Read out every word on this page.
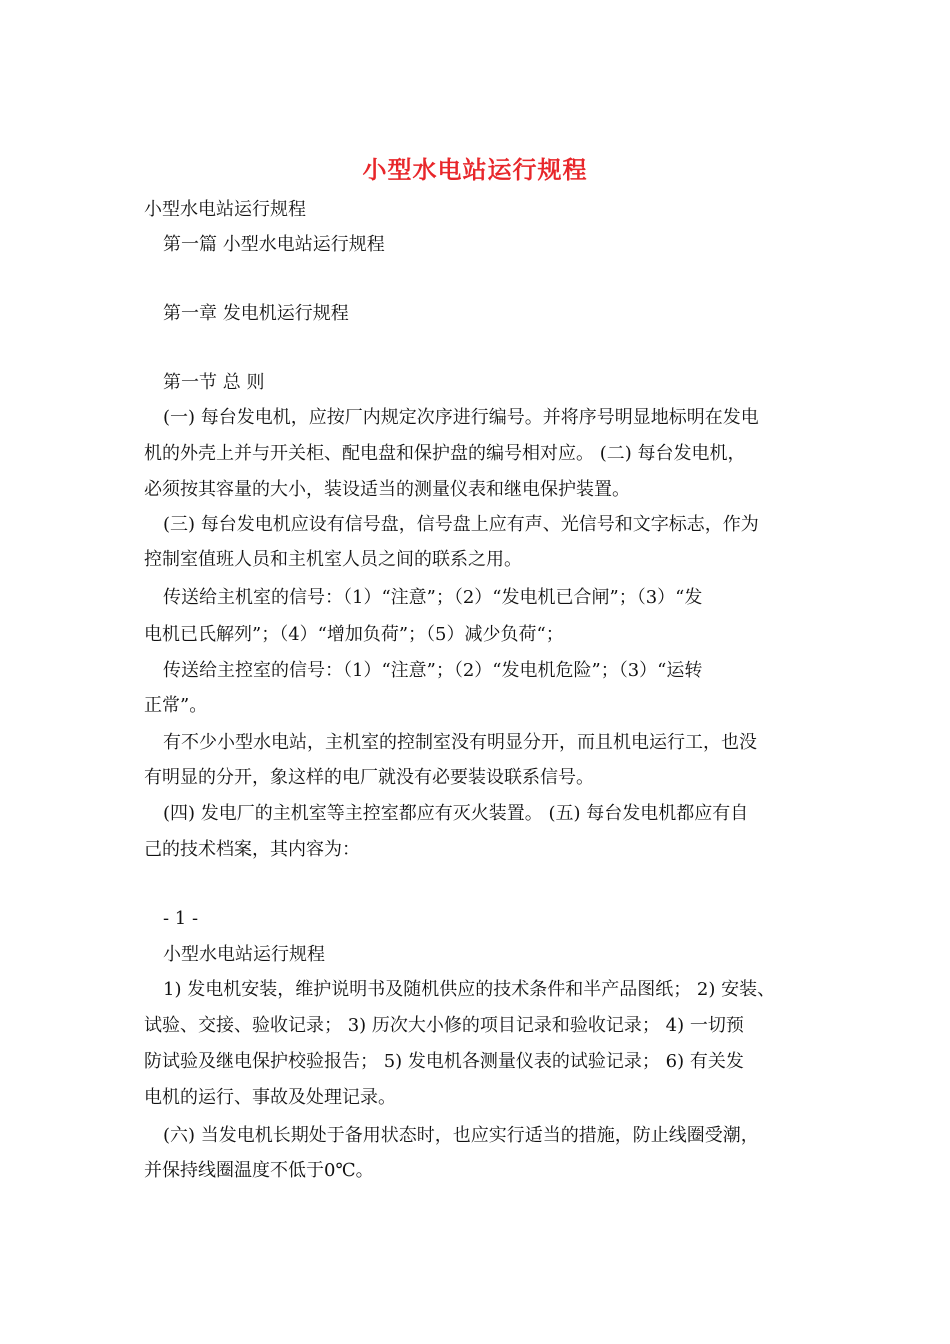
小型水电站运行规程
小型水电站运行规程
第一篇 小型水电站运行规程
第一章 发电机运行规程
第一节 总 则
(一) 每台发电机，应按厂内规定次序进行编号。并将序号明显地标明在发电
机的外壳上并与开关柜、配电盘和保护盘的编号相对应。 (二) 每台发电机，
必须按其容量的大小，装设适当的测量仪表和继电保护装置。
(三) 每台发电机应设有信号盘，信号盘上应有声、光信号和文字标志，作为
控制室值班人员和主机室人员之间的联系之用。
传送给主机室的信号：（1）“注意”；（2）“发电机已合闸”；（3）“发
电机已氏解列”；（4）“增加负荷”；（5）减少负荷“；
传送给主控室的信号：（1）“注意”；（2）“发电机危险”；（3）“运转
正常”。
有不少小型水电站，主机室的控制室没有明显分开，而且机电运行工，也没
有明显的分开，象这样的电厂就没有必要装设联系信号。
(四) 发电厂的主机室等主控室都应有灭火装置。 (五) 每台发电机都应有自
己的技术档案，其内容为：
- 1 -
小型水电站运行规程
1) 发电机安装，维护说明书及随机供应的技术条件和半产品图纸； 2) 安装、
试验、交接、验收记录； 3) 历次大小修的项目记录和验收记录； 4) 一切预
防试验及继电保护校验报告； 5) 发电机各测量仪表的试验记录； 6) 有关发
电机的运行、事故及处理记录。
(六) 当发电机长期处于备用状态时，也应实行适当的措施，防止线圈受潮，
并保持线圈温度不低于0℃。
